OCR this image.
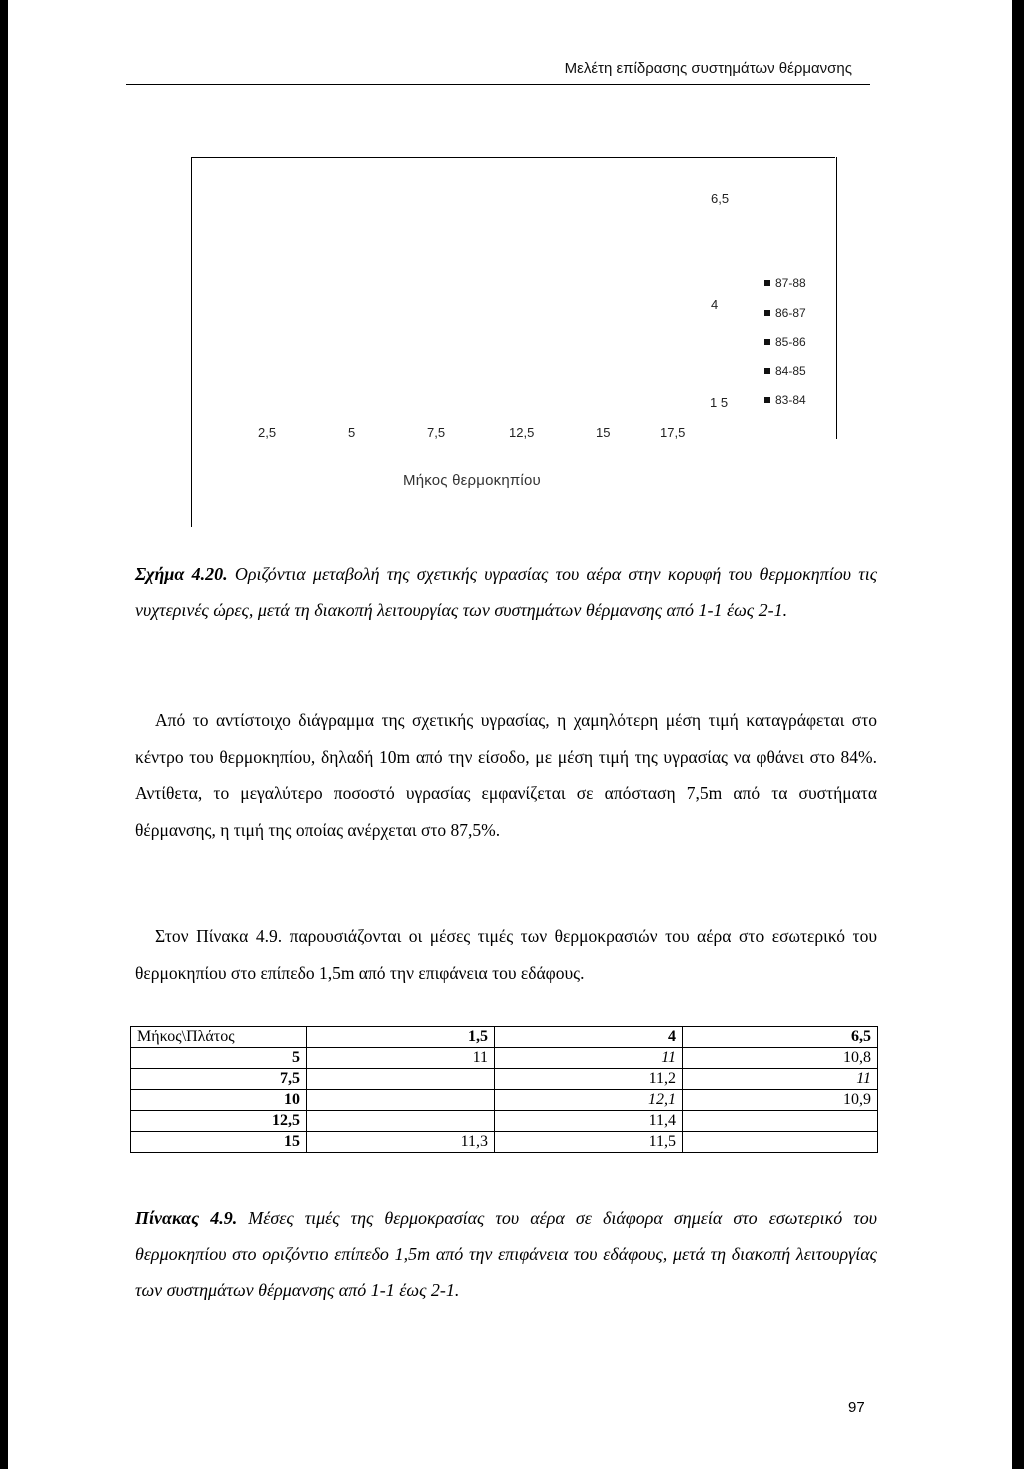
Μελέτη επίδρασης συστημάτων θέρμανσης
6,5
4
1 5
2,5	5	7,5	12,5	15	17,5
87-88
86-87
85-86
84-85
83-84
Μήκος θερμοκηπίου
Σχήμα 4.20. Οριζόντια μεταβολή της σχετικής υγρασίας του αέρα στην κορυφή του θερμοκηπίου τις νυχτερινές ώρες, μετά τη διακοπή λειτουργίας των συστημάτων θέρμανσης από 1-1 έως 2-1.
Από το αντίστοιχο διάγραμμα της σχετικής υγρασίας, η χαμηλότερη μέση τιμή καταγράφεται στο κέντρο του θερμοκηπίου, δηλαδή 10m από την είσοδο, με μέση τιμή της υγρασίας να φθάνει στο 84%. Αντίθετα, το μεγαλύτερο ποσοστό υγρασίας εμφανίζεται σε απόσταση 7,5m από τα συστήματα θέρμανσης, η τιμή της οποίας ανέρχεται στο 87,5%.
Στον Πίνακα 4.9. παρουσιάζονται οι μέσες τιμές των θερμοκρασιών του αέρα στο εσωτερικό του θερμοκηπίου στο επίπεδο 1,5m από την επιφάνεια του εδάφους.
Μήκος\Πλάτος	1,5	4	6,5
5	11	11	10,8
7,5		11,2	11
10		12,1	10,9
12,5		11,4	
15	11,3	11,5	
Πίνακας 4.9. Μέσες τιμές της θερμοκρασίας του αέρα σε διάφορα σημεία στο εσωτερικό του θερμοκηπίου στο οριζόντιο επίπεδο 1,5m από την επιφάνεια του εδάφους, μετά τη διακοπή λειτουργίας των συστημάτων θέρμανσης από 1-1 έως 2-1.
97
